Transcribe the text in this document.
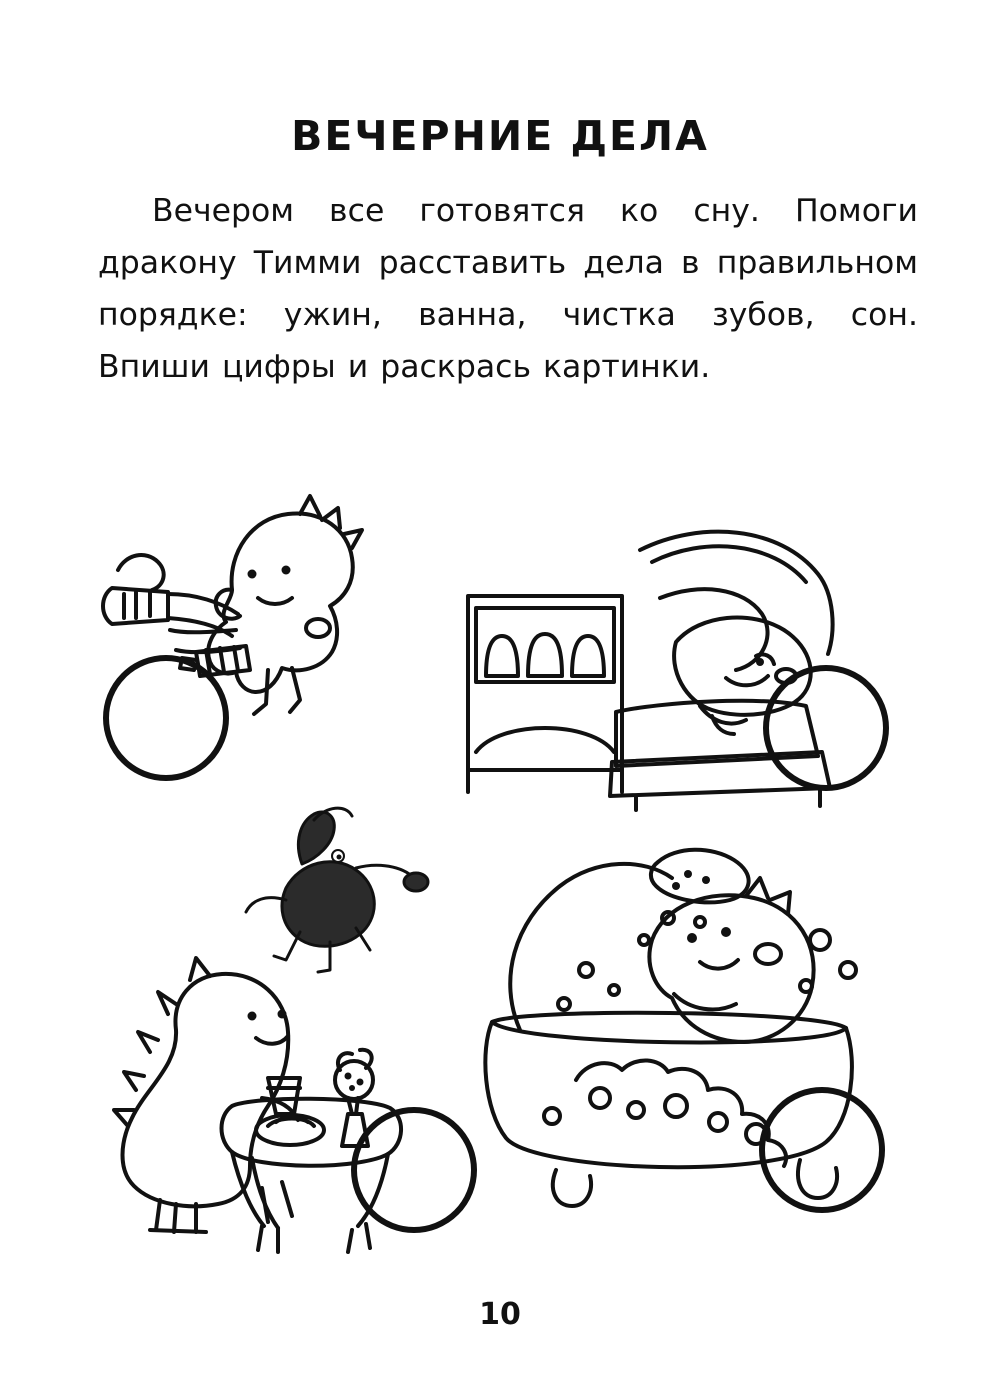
ВЕЧЕРНИЕ ДЕЛА
Вечером все готовятся ко сну. Помоги дракону Тимми расставить дела в правильном порядке: ужин, ванна, чистка зубов, сон. Впиши цифры и раскрась картинки.
10
